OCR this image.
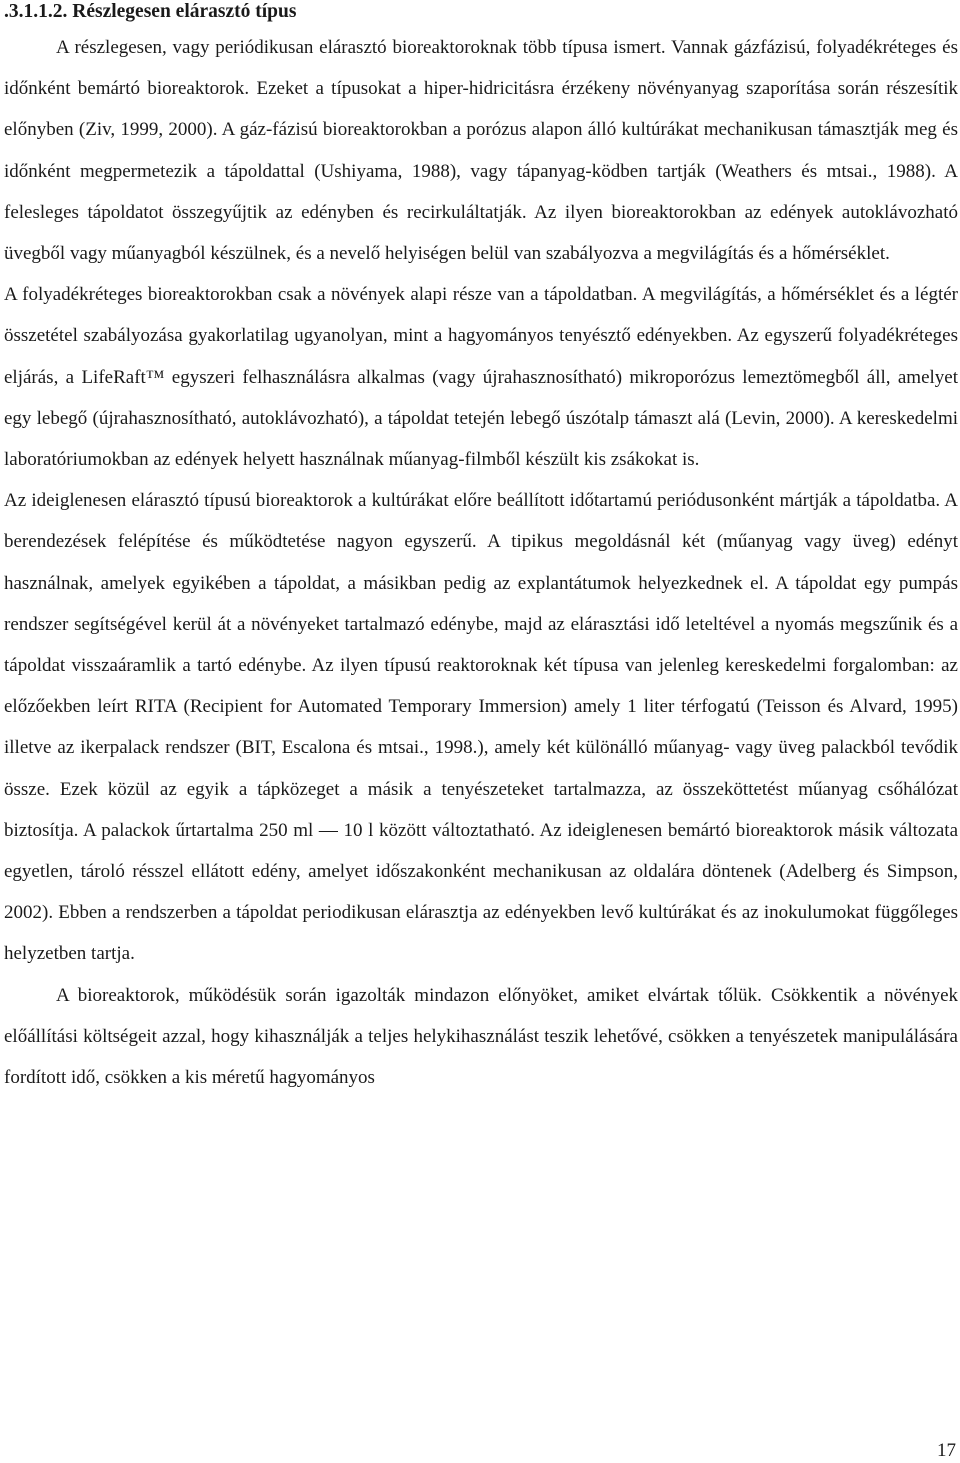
.3.1.1.2. Részlegesen elárasztó típus

A részlegesen, vagy periódikusan elárasztó bioreaktoroknak több típusa ismert. Vannak gázfázisú, folyadékréteges és időnként bemártó bioreaktorok. Ezeket a típusokat a hiper-hidricitásra érzékeny növényanyag szaporítása során részesítik előnyben (Ziv, 1999, 2000). A gáz-fázisú bioreaktorokban a porózus alapon álló kultúrákat mechanikusan támasztják meg és időnként megpermetezik a tápoldattal (Ushiyama, 1988), vagy tápanyag-ködben tartják (Weathers és mtsai., 1988). A felesleges tápoldatot összegyűjtik az edényben és recirkuláltatják. Az ilyen bioreaktorokban az edények autoklávozható üvegből vagy műanyagból készülnek, és a nevelő helyiségen belül van szabályozva a megvilágítás és a hőmérséklet.

A folyadékréteges bioreaktorokban csak a növények alapi része van a tápoldatban. A megvilágítás, a hőmérséklet és a légtér összetétel szabályozása gyakorlatilag ugyanolyan, mint a hagyományos tenyésztő edényekben. Az egyszerű folyadékréteges eljárás, a LifeRaft™ egyszeri felhasználásra alkalmas (vagy újrahasznosítható) mikroporózus lemeztömegből áll, amelyet egy lebegő (újrahasznosítható, autoklávozható), a tápoldat tetején lebegő úszótalp támaszt alá (Levin, 2000). A kereskedelmi laboratóriumokban az edények helyett használnak műanyag-filmből készült kis zsákokat is.

Az ideiglenesen elárasztó típusú bioreaktorok a kultúrákat előre beállított időtartamú periódusonként mártják a tápoldatba. A berendezések felépítése és működtetése nagyon egyszerű. A tipikus megoldásnál két (műanyag vagy üveg) edényt használnak, amelyek egyikében a tápoldat, a másikban pedig az explantátumok helyezkednek el. A tápoldat egy pumpás rendszer segítségével kerül át a növényeket tartalmazó edénybe, majd az elárasztási idő leteltével a nyomás megszűnik és a tápoldat visszaáramlik a tartó edénybe. Az ilyen típusú reaktoroknak két típusa van jelenleg kereskedelmi forgalomban: az előzőekben leírt RITA (Recipient for Automated Temporary Immersion) amely 1 liter térfogatú (Teisson és Alvard, 1995) illetve az ikerpalack rendszer (BIT, Escalona és mtsai., 1998.), amely két különálló műanyag- vagy üveg palackból tevődik össze. Ezek közül az egyik a tápközeget a másik a tenyészeteket tartalmazza, az összeköttetést műanyag csőhálózat biztosítja. A palackok űrtartalma 250 ml — 10 l között változtatható. Az ideiglenesen bemártó bioreaktorok másik változata egyetlen, tároló résszel ellátott edény, amelyet időszakonként mechanikusan az oldalára döntenek (Adelberg és Simpson, 2002). Ebben a rendszerben a tápoldat periodikusan elárasztja az edényekben levő kultúrákat és az inokulumokat függőleges helyzetben tartja.

A bioreaktorok, működésük során igazolták mindazon előnyöket, amiket elvártak tőlük. Csökkentik a növények előállítási költségeit azzal, hogy kihasználják a teljes helykihasználást teszik lehetővé, csökken a tenyészetek manipulálására fordított idő, csökken a kis méretű hagyományos

17
